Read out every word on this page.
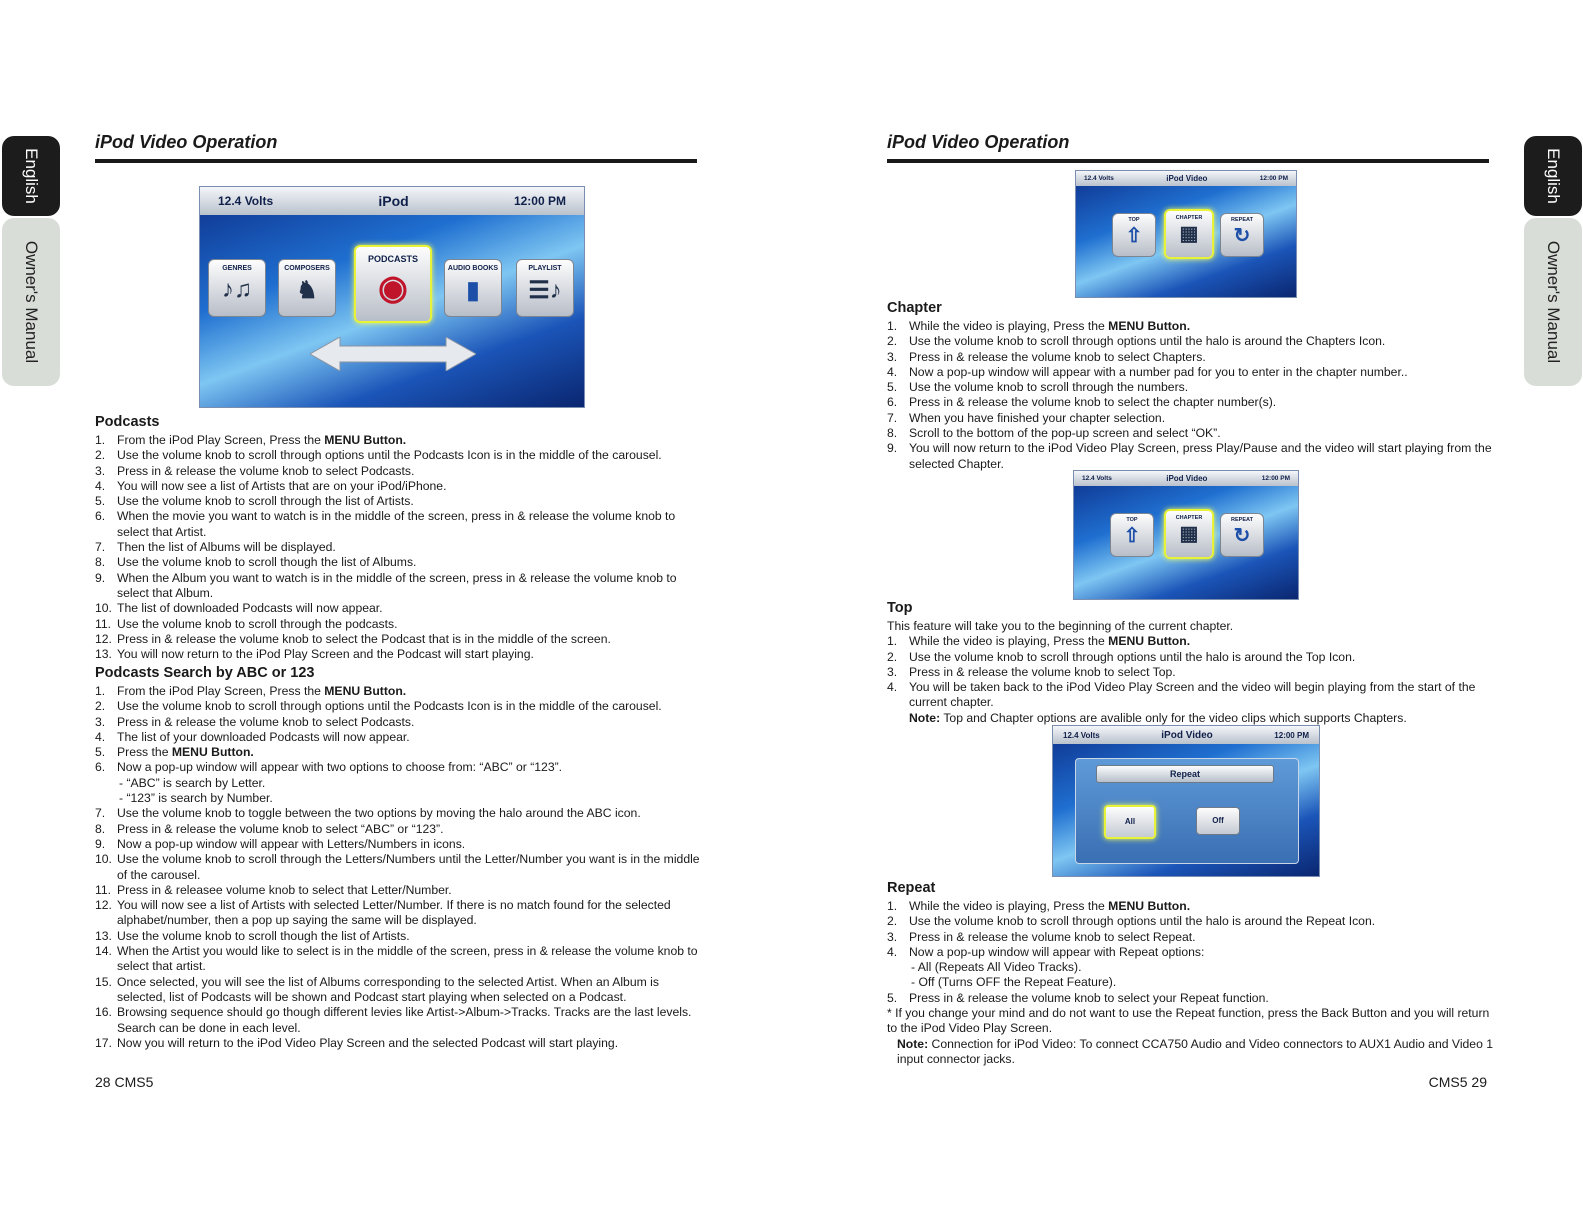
English
Owner's Manual
English
Owner's Manual
iPod Video Operation
12.4 Volts	iPod	12:00 PM
GENRES
♪♫
COMPOSERS
♞
PODCASTS
◉
AUDIO BOOKS
▮
PLAYLIST
☰♪
Podcasts
1. From the iPod Play Screen, Press the MENU Button.
2. Use the volume knob to scroll through options until the Podcasts Icon is in the middle of the carousel.
3. Press in & release the volume knob to select Podcasts.
4. You will now see a list of Artists that are on your iPod/iPhone.
5. Use the volume knob to scroll through the list of Artists.
6. When the movie you want to watch is in the middle of the screen, press in & release the volume knob to select that Artist.
7. Then the list of Albums will be displayed.
8. Use the volume knob to scroll though the list of Albums.
9. When the Album you want to watch is in the middle of the screen, press in & release the volume knob to select that Album.
10. The list of downloaded Podcasts will now appear.
11. Use the volume knob to scroll through the podcasts.
12. Press in & release the volume knob to select the Podcast that is in the middle of the screen.
13. You will now return to the iPod Play Screen and the Podcast will start playing.
Podcasts Search by ABC or 123
1. From the iPod Play Screen, Press the MENU Button.
2. Use the volume knob to scroll through options until the Podcasts Icon is in the middle of the carousel.
3. Press in & release the volume knob to select Podcasts.
4. The list of your downloaded Podcasts will now appear.
5. Press the MENU Button.
6. Now a pop-up window will appear with two options to choose from: “ABC” or “123”.
- “ABC” is search by Letter.
- “123” is search by Number.
7. Use the volume knob to toggle between the two options by moving the halo around the ABC icon.
8. Press in & release the volume knob to select “ABC” or “123”.
9. Now a pop-up window will appear with Letters/Numbers in icons.
10. Use the volume knob to scroll through the Letters/Numbers until the Letter/Number you want is in the middle of the carousel.
11. Press in & releasee volume knob to select that Letter/Number.
12. You will now see a list of Artists with selected Letter/Number. If there is no match found for the selected alphabet/number, then a pop up saying the same will be displayed.
13. Use the volume knob to scroll though the list of Artists.
14. When the Artist you would like to select is in the middle of the screen, press in & release the volume knob to select that artist.
15. Once selected, you will see the list of Albums corresponding to the selected Artist. When an Album is selected, list of Podcasts will be shown and Podcast start playing when selected on a Podcast.
16. Browsing sequence should go though different levies like Artist->Album->Tracks. Tracks are the last levels. Search can be done in each level.
17. Now you will return to the iPod Video Play Screen and the selected Podcast will start playing.
28 CMS5
iPod Video Operation
12.4 Volts	iPod Video	12:00 PM
TOP
⇧
CHAPTER
▦
REPEAT
↻
Chapter
1. While the video is playing, Press the MENU Button.
2. Use the volume knob to scroll through options until the halo is around the Chapters Icon.
3. Press in & release the volume knob to select Chapters.
4. Now a pop-up window will appear with a number pad for you to enter in the chapter number..
5. Use the volume knob to scroll through the numbers.
6. Press in & release the volume knob to select the chapter number(s).
7. When you have finished your chapter selection.
8. Scroll to the bottom of the pop-up screen and select “OK”.
9. You will now return to the iPod Video Play Screen, press Play/Pause and the video will start playing from the selected Chapter.
12.4 Volts	iPod Video	12:00 PM
TOP
⇧
CHAPTER
▦
REPEAT
↻
Top
This feature will take you to the beginning of the current chapter.
1. While the video is playing, Press the MENU Button.
2. Use the volume knob to scroll through options until the halo is around the Top Icon.
3. Press in & release the volume knob to select Top.
4. You will be taken back to the iPod Video Play Screen and the video will begin playing from the start of the current chapter.
Note: Top and Chapter options are avalible only for the video clips which supports Chapters.
12.4 Volts	iPod Video	12:00 PM
Repeat
All	Off
Repeat
1. While the video is playing, Press the MENU Button.
2. Use the volume knob to scroll through options until the halo is around the Repeat Icon.
3. Press in & release the volume knob to select Repeat.
4. Now a pop-up window will appear with Repeat options:
- All (Repeats All Video Tracks).
- Off (Turns OFF the Repeat Feature).
5. Press in & release the volume knob to select your Repeat function.
* If you change your mind and do not want to use the Repeat function, press the Back Button and you will return to the iPod Video Play Screen.
Note: Connection for iPod Video: To connect CCA750 Audio and Video connectors to AUX1 Audio and Video 1 input connector jacks.
CMS5 29
